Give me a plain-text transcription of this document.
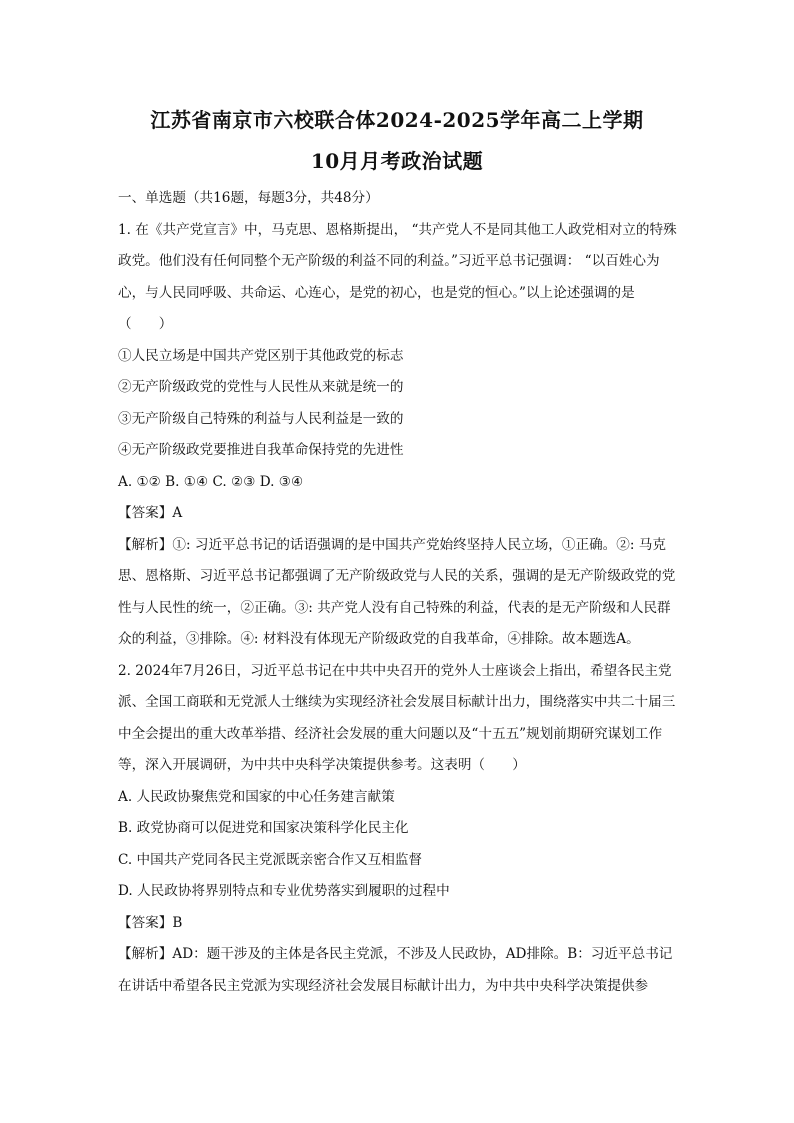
江苏省南京市六校联合体2024-2025学年高二上学期
10月月考政治试题

一、单选题（共16题，每题3分，共48分）

1. 在《共产党宣言》中，马克思、恩格斯提出， “共产党人不是同其他工人政党相对立的特殊政党。他们没有任何同整个无产阶级的利益不同的利益。”习近平总书记强调： “以百姓心为心，与人民同呼吸、共命运、心连心，是党的初心，也是党的恒心。”以上论述强调的是（　　）

①人民立场是中国共产党区别于其他政党的标志

②无产阶级政党的党性与人民性从来就是统一的

③无产阶级自己特殊的利益与人民利益是一致的

④无产阶级政党要推进自我革命保持党的先进性

A. ①② B. ①④ C. ②③ D. ③④

【答案】A

【解析】①: 习近平总书记的话语强调的是中国共产党始终坚持人民立场，①正确。②: 马克思、恩格斯、习近平总书记都强调了无产阶级政党与人民的关系，强调的是无产阶级政党的党性与人民性的统一，②正确。③: 共产党人没有自己特殊的利益，代表的是无产阶级和人民群众的利益，③排除。④: 材料没有体现无产阶级政党的自我革命，④排除。故本题选A。

2. 2024年7月26日，习近平总书记在中共中央召开的党外人士座谈会上指出，希望各民主党派、全国工商联和无党派人士继续为实现经济社会发展目标献计出力，围绕落实中共二十届三中全会提出的重大改革举措、经济社会发展的重大问题以及“十五五”规划前期研究谋划工作等，深入开展调研，为中共中央科学决策提供参考。这表明（　　）

A. 人民政协聚焦党和国家的中心任务建言献策

B. 政党协商可以促进党和国家决策科学化民主化

C. 中国共产党同各民主党派既亲密合作又互相监督

D. 人民政协将界别特点和专业优势落实到履职的过程中

【答案】B

【解析】AD：题干涉及的主体是各民主党派，不涉及人民政协，AD排除。B：习近平总书记在讲话中希望各民主党派为实现经济社会发展目标献计出力，为中共中央科学决策提供参
